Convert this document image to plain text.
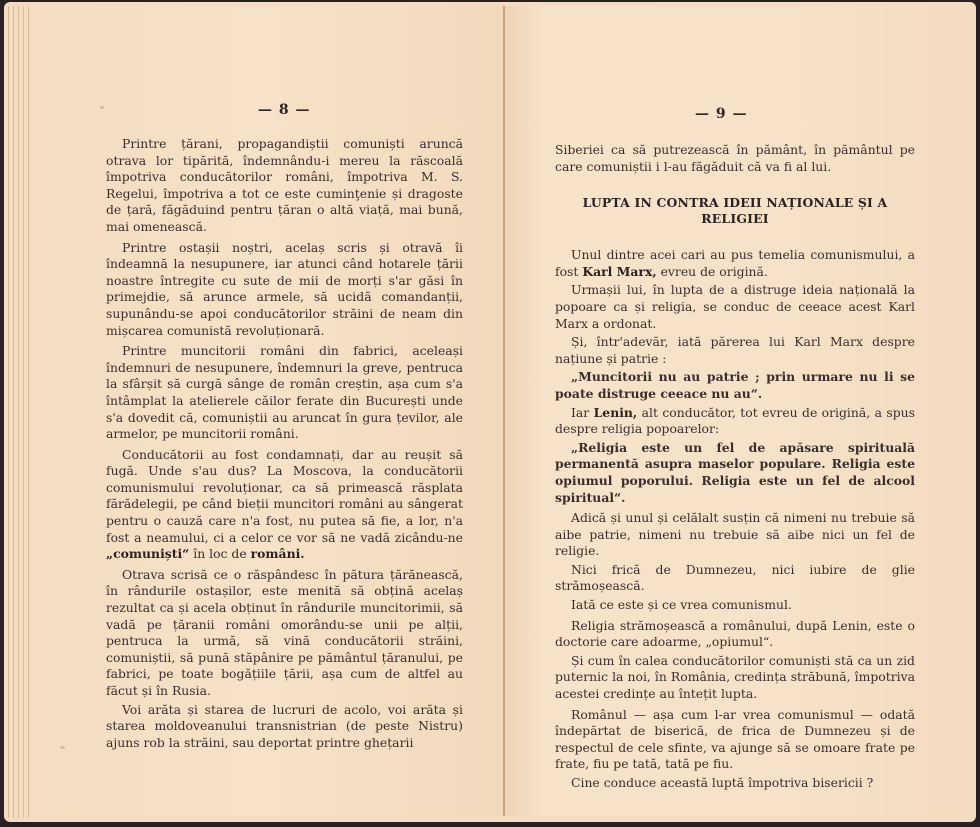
— 8 —

Printre țărani, propagandiștii comuniști aruncă otrava lor tipărită, îndemnându-i mereu la răscoală împotriva conducătorilor români, împotriva M. S. Regelui, împotriva a tot ce este cuminţenie și dragoste de țară, făgăduind pentru țăran o altă viață, mai bună, mai omenească.

Printre ostașii noștri, acelaș scris și otravă îi îndeamnă la nesupunere, iar atunci când hotarele țării noastre întregite cu sute de mii de morți s'ar găsi în primejdie, să arunce armele, să ucidă comandanții, supunându-se apoi conducătorilor străini de neam din mișcarea comunistă revoluționară.

Printre muncitorii români din fabrici, aceleași îndemnuri de nesupunere, îndemnuri la greve, pentruca la sfârșit să curgă sânge de român creștin, așa cum s'a întâmplat la atelierele căilor ferate din București unde s'a dovedit că, comuniștii au aruncat în gura țevilor, ale armelor, pe muncitorii români.

Conducătorii au fost condamnați, dar au reușit să fugă. Unde s'au dus? La Moscova, la conducătorii comunismului revoluționar, ca să primească răsplata fărădelegii, pe când bieții muncitori români au sângerat pentru o cauză care n'a fost, nu putea să fie, a lor, n'a fost a neamului, ci a celor ce vor să ne vadă zicându-ne „comuniști“ în loc de români.

Otrava scrisă ce o răspândesc în pătura țărănească, în rândurile ostașilor, este menită să obțină acelaș rezultat ca și acela obținut în rândurile muncitorimii, să vadă pe țăranii români omorându-se unii pe alții, pentruca la urmă, să vină conducătorii străini, comuniștii, să pună stăpânire pe pământul țăranului, pe fabrici, pe toate bogățiile țării, așa cum de altfel au făcut și în Rusia.

Voi arăta și starea de lucruri de acolo, voi arăta și starea moldoveanului transnistrian (de peste Nistru) ajuns rob la străini, sau deportat printre ghețarii

— 9 —

Siberiei ca să putrezească în pământ, în pământul pe care comuniștii i l-au făgăduit că va fi al lui.

LUPTA IN CONTRA IDEII NAȚIONALE ȘI A RELIGIEI

Unul dintre acei cari au pus temelia comunismului, a fost Karl Marx, evreu de origină.

Urmașii lui, în lupta de a distruge ideia națională la popoare ca și religia, se conduc de ceeace acest Karl Marx a ordonat.

Și, într'adevăr, iată părerea lui Karl Marx despre națiune și patrie :

„Muncitorii nu au patrie ; prin urmare nu li se poate distruge ceeace nu au“.

Iar Lenin, alt conducător, tot evreu de origină, a spus despre religia popoarelor:

„Religia este un fel de apăsare spirituală permanentă asupra maselor populare. Religia este opiumul poporului. Religia este un fel de alcool spiritual“.

Adică și unul și celălalt susțin că nimeni nu trebuie să aibe patrie, nimeni nu trebuie să aibe nici un fel de religie.

Nici frică de Dumnezeu, nici iubire de glie strămoșească.

Iată ce este și ce vrea comunismul.

Religia strămoșească a românului, după Lenin, este o doctorie care adoarme, „opiumul“.

Și cum în calea conducătorilor comuniști stă ca un zid puternic la noi, în România, credința străbună, împotriva acestei credințe au întețit lupta.

Românul — așa cum l-ar vrea comunismul — odată îndepărtat de biserică, de frica de Dumnezeu și de respectul de cele sfinte, va ajunge să se omoare frate pe frate, fiu pe tată, tată pe fiu.

Cine conduce această luptă împotriva bisericii ?
